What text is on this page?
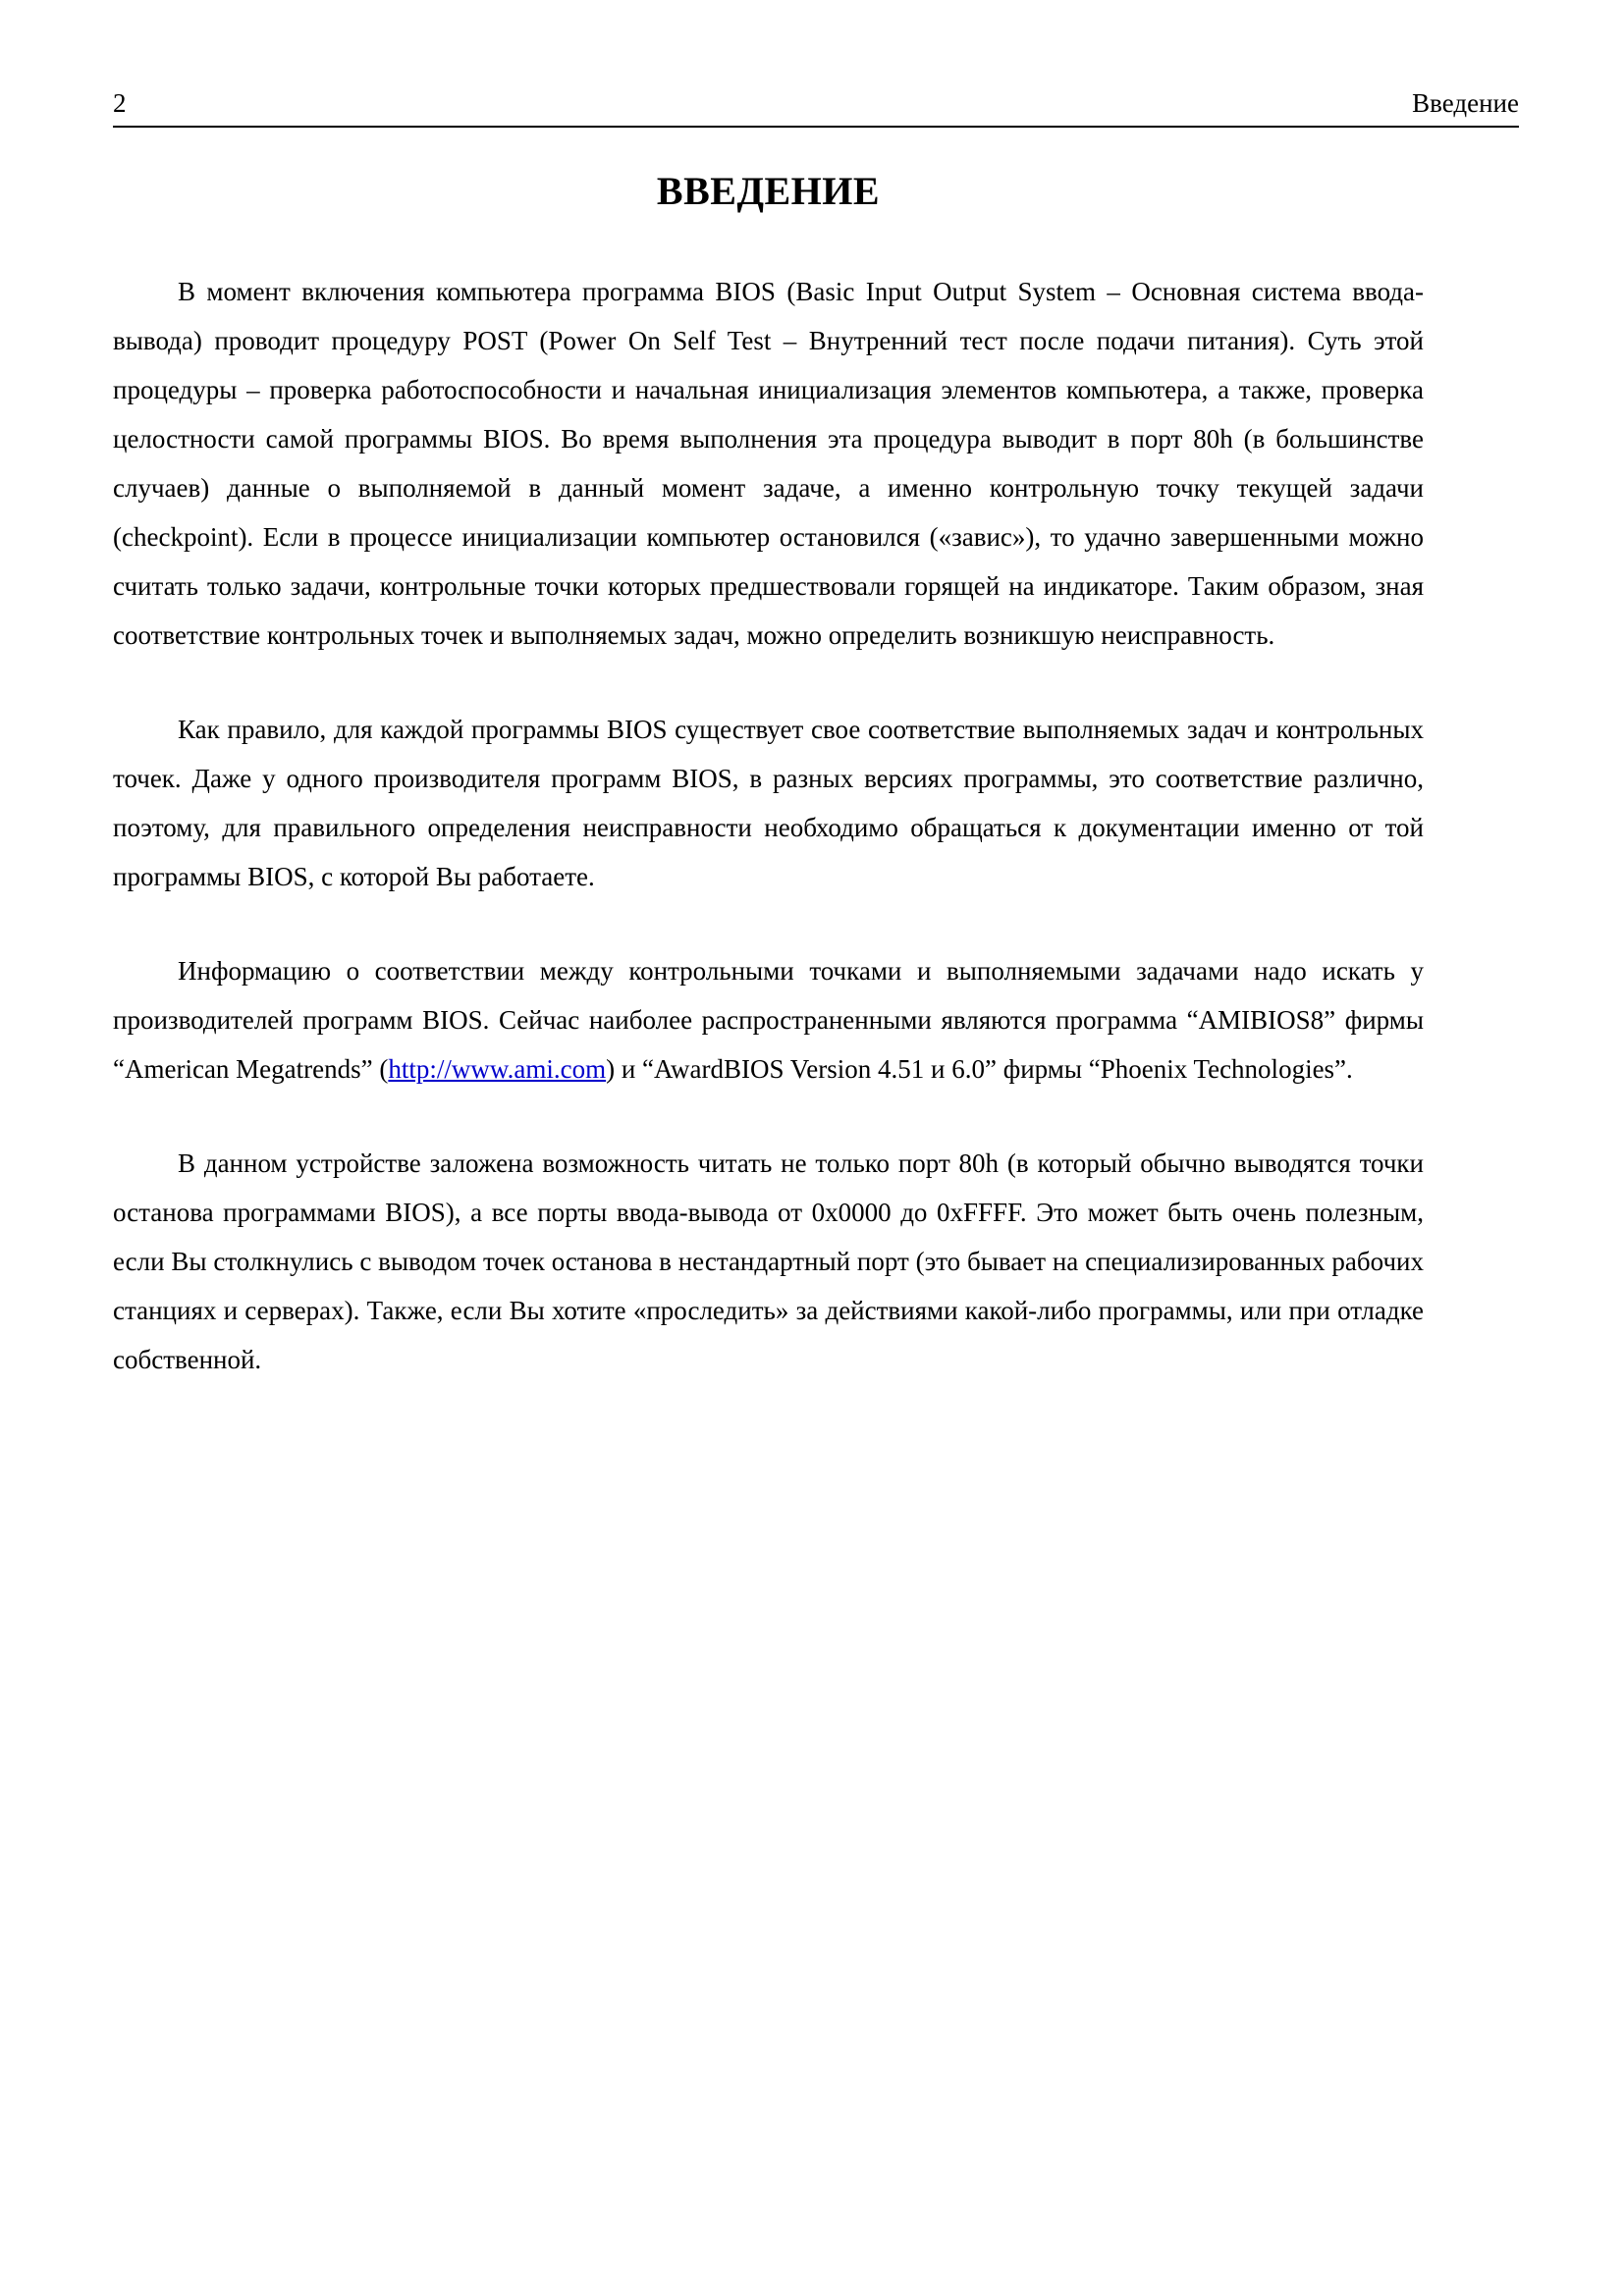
2	Введение
ВВЕДЕНИЕ

В момент включения компьютера программа BIOS (Basic Input Output System – Основная система ввода-вывода) проводит процедуру POST (Power On Self Test – Внутренний тест после подачи питания). Суть этой процедуры – проверка работоспособности и начальная инициализация элементов компьютера, а также, проверка целостности самой программы BIOS. Во время выполнения эта процедура выводит в порт 80h (в большинстве случаев) данные о выполняемой в данный момент задаче, а именно контрольную точку текущей задачи (checkpoint). Если в процессе инициализации компьютер остановился («завис»), то удачно завершенными можно считать только задачи, контрольные точки которых предшествовали горящей на индикаторе. Таким образом, зная соответствие контрольных точек и выполняемых задач, можно определить возникшую неисправность.

Как правило, для каждой программы BIOS существует свое соответствие выполняемых задач и контрольных точек. Даже у одного производителя программ BIOS, в разных версиях программы, это соответствие различно, поэтому, для правильного определения неисправности необходимо обращаться к документации именно от той программы BIOS, с которой Вы работаете.

Информацию о соответствии между контрольными точками и выполняемыми задачами надо искать у производителей программ BIOS. Сейчас наиболее распространенными являются программа “AMIBIOS8” фирмы “American Megatrends” (http://www.ami.com) и “AwardBIOS Version 4.51 и 6.0” фирмы “Phoenix Technologies”.

В данном устройстве заложена возможность читать не только порт 80h (в который обычно выводятся точки останова программами BIOS), а все порты ввода-вывода от 0x0000 до 0xFFFF. Это может быть очень полезным, если Вы столкнулись с выводом точек останова в нестандартный порт (это бывает на специализированных рабочих станциях и серверах). Также, если Вы хотите «проследить» за действиями какой-либо программы, или при отладке собственной.
